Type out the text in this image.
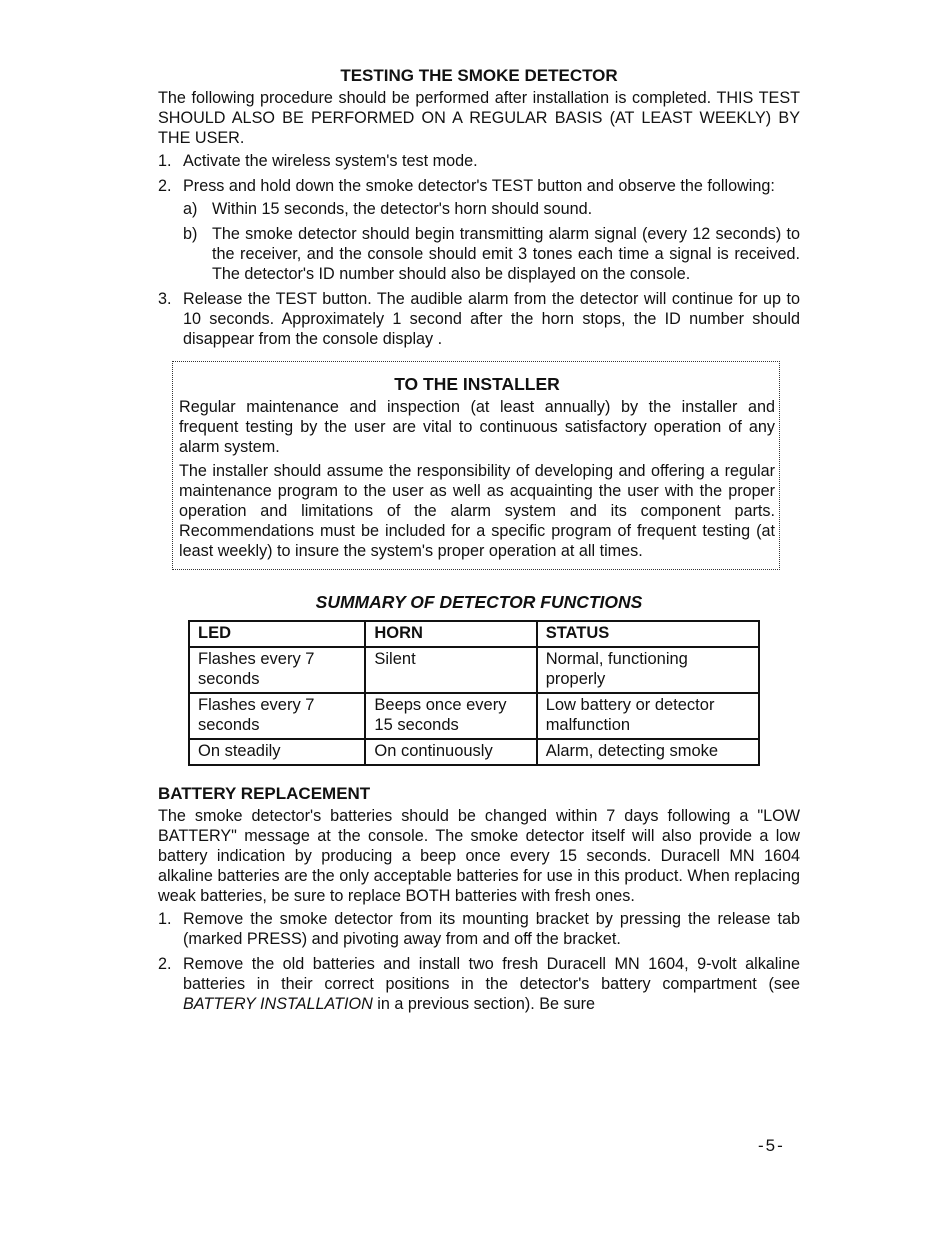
TESTING THE SMOKE DETECTOR

The following procedure should be performed after installation is completed. THIS TEST SHOULD ALSO BE PERFORMED ON A REGULAR BASIS (AT LEAST WEEKLY) BY THE USER.

1. Activate the wireless system's test mode.
2. Press and hold down the smoke detector's TEST button and observe the following:
a) Within 15 seconds, the detector's horn should sound.
b) The smoke detector should begin transmitting alarm signal (every 12 seconds) to the receiver, and the console should emit 3 tones each time a signal is received. The detector's ID number should also be displayed on the console.
3. Release the TEST button. The audible alarm from the detector will continue for up to 10 seconds. Approximately 1 second after the horn stops, the ID number should disappear from the console display .
TO THE INSTALLER

Regular maintenance and inspection (at least annually) by the installer and frequent testing by the user are vital to continuous satisfactory operation of any alarm system.

The installer should assume the responsibility of developing and offering a regular maintenance program to the user as well as acquainting the user with the proper operation and limitations of the alarm system and its component parts. Recommendations must be included for a specific program of frequent testing (at least weekly) to insure the system's proper operation at all times.

SUMMARY OF DETECTOR FUNCTIONS
LED	HORN	STATUS
Flashes every 7 seconds	Silent	Normal, functioning properly
Flashes every 7 seconds	Beeps once every 15 seconds	Low battery or detector malfunction
On steadily	On continuously	Alarm, detecting smoke
BATTERY REPLACEMENT

The smoke detector's batteries should be changed within 7 days following a "LOW BATTERY" message at the console. The smoke detector itself will also provide a low battery indication by producing a beep once every 15 seconds. Duracell MN 1604 alkaline batteries are the only acceptable batteries for use in this product. When replacing weak batteries, be sure to replace BOTH batteries with fresh ones.

1. Remove the smoke detector from its mounting bracket by pressing the release tab (marked PRESS) and pivoting away from and off the bracket.
2. Remove the old batteries and install two fresh Duracell MN 1604, 9-volt alkaline batteries in their correct positions in the detector's battery compartment (see BATTERY INSTALLATION in a previous section). Be sure
-5-
